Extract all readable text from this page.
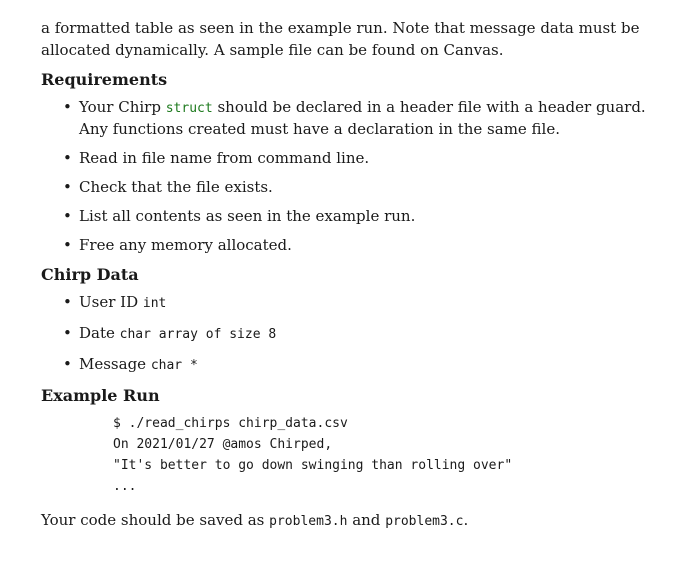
a formatted table as seen in the example run. Note that message data must be
allocated dynamically. A sample file can be found on Canvas.

Requirements
• Your Chirp struct should be declared in a header file with a header guard. Any functions created must have a declaration in the same file.
• Read in file name from command line.
• Check that the file exists.
• List all contents as seen in the example run.
• Free any memory allocated.
Chirp Data
• User ID int
• Date char array of size 8
• Message char *
Example Run
$ ./read_chirps chirp_data.csv
On 2021/01/27 @amos Chirped,
"It's better to go down swinging than rolling over"
...

Your code should be saved as problem3.h and problem3.c.
